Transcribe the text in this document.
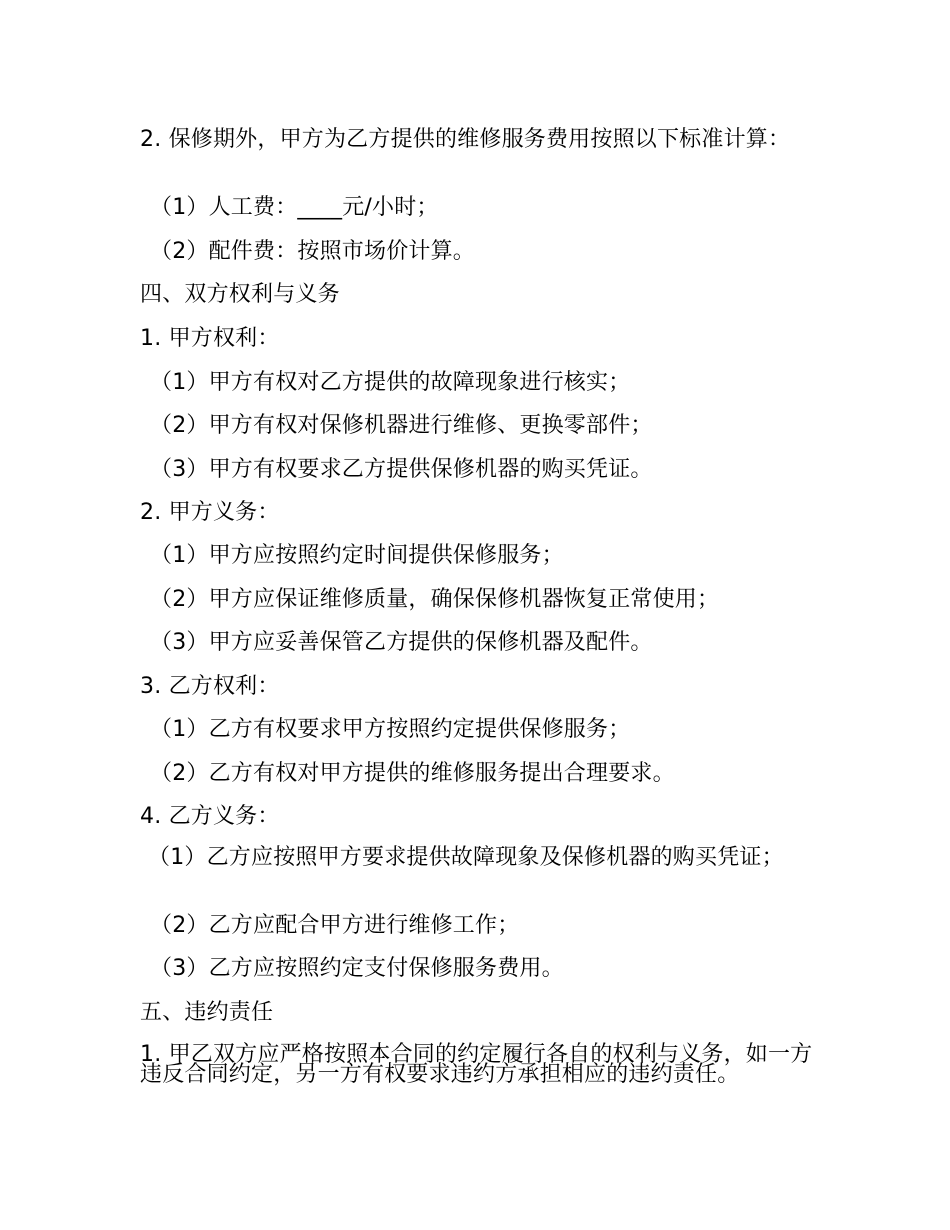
2. 保修期外，甲方为乙方提供的维修服务费用按照以下标准计算：
（1）人工费：____元/小时；
（2）配件费：按照市场价计算。
四、双方权利与义务
1. 甲方权利：
（1）甲方有权对乙方提供的故障现象进行核实；
（2）甲方有权对保修机器进行维修、更换零部件；
（3）甲方有权要求乙方提供保修机器的购买凭证。
2. 甲方义务：
（1）甲方应按照约定时间提供保修服务；
（2）甲方应保证维修质量，确保保修机器恢复正常使用；
（3）甲方应妥善保管乙方提供的保修机器及配件。
3. 乙方权利：
（1）乙方有权要求甲方按照约定提供保修服务；
（2）乙方有权对甲方提供的维修服务提出合理要求。
4. 乙方义务：
（1）乙方应按照甲方要求提供故障现象及保修机器的购买凭证；
（2）乙方应配合甲方进行维修工作；
（3）乙方应按照约定支付保修服务费用。
五、违约责任
1. 甲乙双方应严格按照本合同的约定履行各自的权利与义务，如一方违反合同约定，另一方有权要求违约方承担相应的违约责任。
